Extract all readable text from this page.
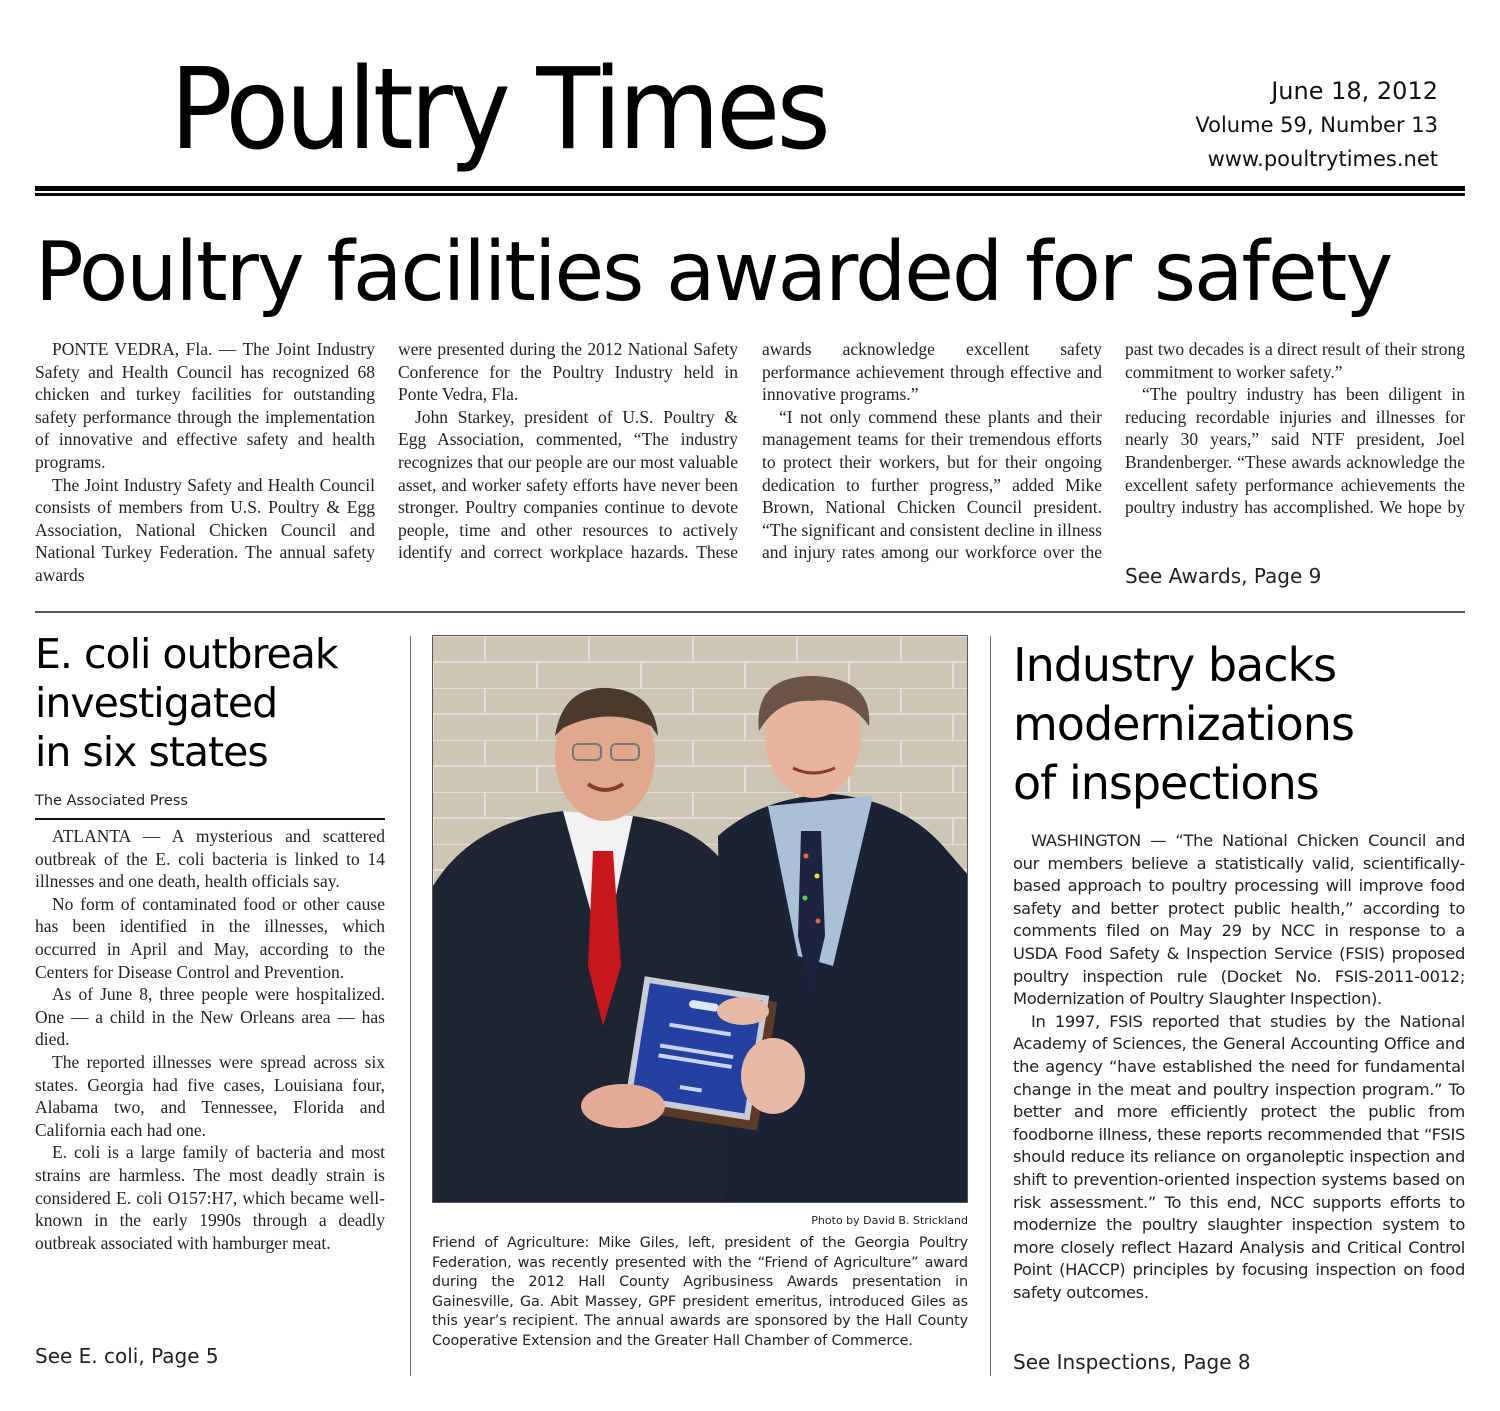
Poultry Times	June 18, 2012
Volume 59, Number 13
www.poultrytimes.net
Poultry facilities awarded for safety

PONTE VEDRA, Fla. — The Joint Industry Safety and Health Council has recognized 68 chicken and turkey facilities for outstanding safety performance through the implementation of innovative and effective safety and health programs.

The Joint Industry Safety and Health Council consists of members from U.S. Poultry & Egg Association, National Chicken Council and National Turkey Federation. The annual safety awards

were presented during the 2012 National Safety Conference for the Poultry Industry held in Ponte Vedra, Fla.

John Starkey, president of U.S. Poultry & Egg Association, commented, “The industry recognizes that our people are our most valuable asset, and worker safety efforts have never been stronger. Poultry companies continue to devote people, time and other resources to actively identify and correct workplace hazards. These

awards acknowledge excellent safety performance achievement through effective and innovative programs.”

“I not only commend these plants and their management teams for their tremendous efforts to protect their workers, but for their ongoing dedication to further progress,” added Mike Brown, National Chicken Council president. “The significant and consistent decline in illness and injury rates among our workforce over the

past two decades is a direct result of their strong commitment to worker safety.”

“The poultry industry has been diligent in reducing recordable injuries and illnesses for nearly 30 years,” said NTF president, Joel Brandenberger. “These awards acknowledge the excellent safety performance achievements the poultry industry has accomplished. We hope by

See Awards, Page 9
E. coli outbreak
investigated
in six states
The Associated Press

ATLANTA — A mysterious and scattered outbreak of the E. coli bacteria is linked to 14 illnesses and one death, health officials say.

No form of contaminated food or other cause has been identified in the illnesses, which occurred in April and May, according to the Centers for Disease Control and Prevention.

As of June 8, three people were hospitalized. One — a child in the New Orleans area — has died.

The reported illnesses were spread across six states. Georgia had five cases, Louisiana four, Alabama two, and Tennessee, Florida and California each had one.

E. coli is a large family of bacteria and most strains are harmless. The most deadly strain is considered E. coli O157:H7, which became well-known in the early 1990s through a deadly outbreak associated with hamburger meat.

See E. coli, Page 5
Photo by David B. Strickland
Friend of Agriculture: Mike Giles, left, president of the Georgia Poultry Federation, was recently presented with the “Friend of Agriculture” award during the 2012 Hall County Agribusiness Awards presentation in Gainesville, Ga. Abit Massey, GPF president emeritus, introduced Giles as this year’s recipient. The annual awards are sponsored by the Hall County Cooperative Extension and the Greater Hall Chamber of Commerce.
Industry backs
modernizations
of inspections

WASHINGTON — “The National Chicken Council and our members believe a statistically valid, scientifically-based approach to poultry processing will improve food safety and better protect public health,” according to comments filed on May 29 by NCC in response to a USDA Food Safety & Inspection Service (FSIS) proposed poultry inspection rule (Docket No. FSIS-2011-0012; Modernization of Poultry Slaughter Inspection).

In 1997, FSIS reported that studies by the National Academy of Sciences, the General Accounting Office and the agency “have established the need for fundamental change in the meat and poultry inspection program.” To better and more efficiently protect the public from foodborne illness, these reports recommended that “FSIS should reduce its reliance on organoleptic inspection and shift to prevention-oriented inspection systems based on risk assessment.” To this end, NCC supports efforts to modernize the poultry slaughter inspection system to more closely reflect Hazard Analysis and Critical Control Point (HACCP) principles by focusing inspection on food safety outcomes.

See Inspections, Page 8
